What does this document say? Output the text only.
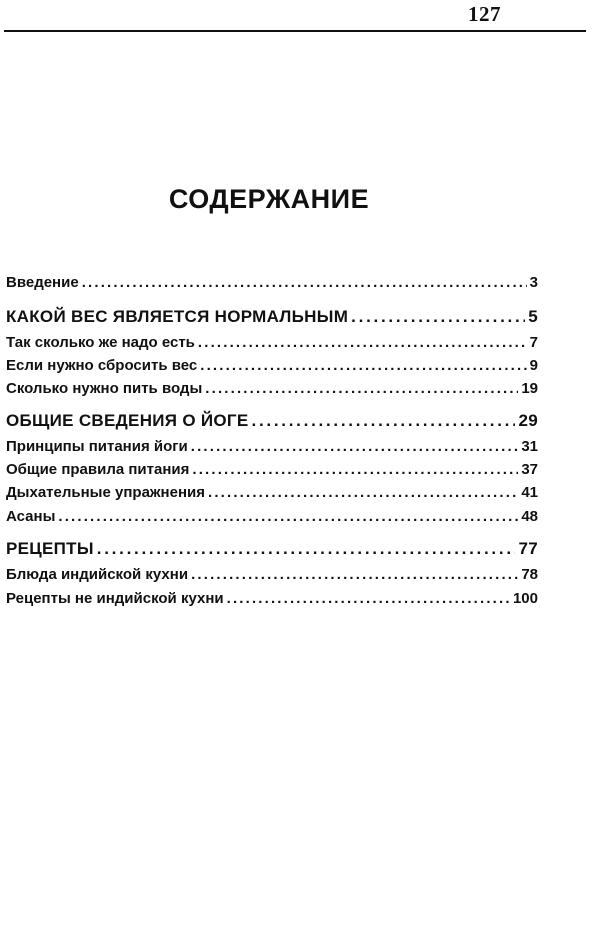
127
СОДЕРЖАНИЕ
Введение . . .	3
КАКОЙ ВЕС ЯВЛЯЕТСЯ НОРМАЛЬНЫМ . . .	5
Так сколько же надо есть . . .	7
Если нужно сбросить вес . . .	9
Сколько нужно пить воды . . .	19
ОБЩИЕ СВЕДЕНИЯ О ЙОГЕ . . .	29
Принципы питания йоги . . .	31
Общие правила питания . . .	37
Дыхательные упражнения . . .	41
Асаны . . .	48
РЕЦЕПТЫ . . .	77
Блюда индийской кухни . . .	78
Рецепты не индийской кухни . . .	100
